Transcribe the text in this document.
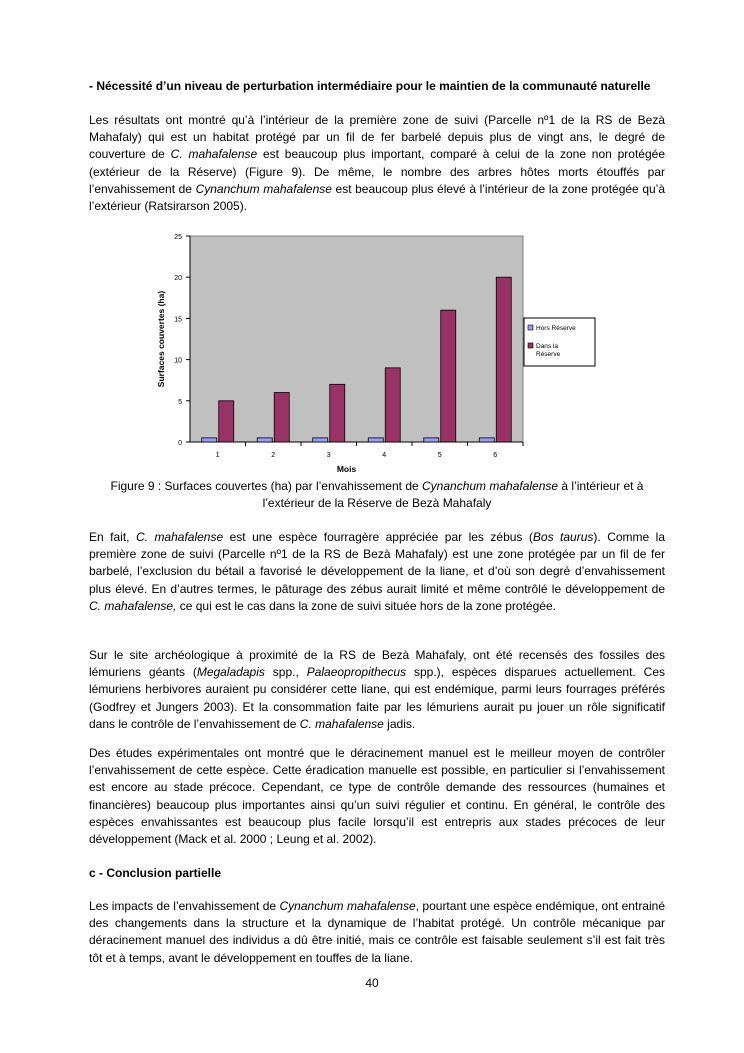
- Nécessité d’un niveau de perturbation intermédiaire pour le maintien de la communauté naturelle

Les résultats ont montré qu’à l’intérieur de la première zone de suivi (Parcelle nº1 de la RS de Bezà Mahafaly) qui est un habitat protégé par un fil de fer barbelé depuis plus de vingt ans, le degré de couverture de C. mahafalense est beaucoup plus important, comparé à celui de la zone non protégée (extérieur de la Réserve) (Figure 9). De même, le nombre des arbres hôtes morts étouffés par l’envahissement de Cynanchum mahafalense est beaucoup plus élevé à l’intérieur de la zone protégée qu’à l’extérieur (Ratsirarson 2005).

0
5
10
15
20
25
1	2	3	4	5	6
Mois
Surfaces couvertes (ha)	Hors Réserve
Dans la
Réserve

Figure 9 : Surfaces couvertes (ha) par l’envahissement de Cynanchum mahafalense à l’intérieur et à l’extérieur de la Réserve de Bezà Mahafaly

En fait, C. mahafalense est une espèce fourragère appréciée par les zébus (Bos taurus). Comme la première zone de suivi (Parcelle nº1 de la RS de Bezà Mahafaly) est une zone protégée par un fil de fer barbelé, l’exclusion du bétail a favorisé le développement de la liane, et d’où son degré d’envahissement plus élevé. En d’autres termes, le pâturage des zébus aurait limité et même contrôlé le développement de C. mahafalense, ce qui est le cas dans la zone de suivi située hors de la zone protégée.

Sur le site archéologique à proximité de la RS de Bezà Mahafaly, ont été recensés des fossiles des lémuriens géants (Megaladapis spp., Palaeopropithecus spp.), espèces disparues actuellement. Ces lémuriens herbivores auraient pu considérer cette liane, qui est endémique, parmi leurs fourrages préférés (Godfrey et Jungers 2003). Et la consommation faite par les lémuriens aurait pu jouer un rôle significatif dans le contrôle de l’envahissement de C. mahafalense jadis.

Des études expérimentales ont montré que le déracinement manuel est le meilleur moyen de contrôler l’envahissement de cette espèce. Cette éradication manuelle est possible, en particulier si l’envahissement est encore au stade précoce. Cependant, ce type de contrôle demande des ressources (humaines et financières) beaucoup plus importantes ainsi qu’un suivi régulier et continu. En général, le contrôle des espèces envahissantes est beaucoup plus facile lorsqu’il est entrepris aux stades précoces de leur développement (Mack et al. 2000 ; Leung et al. 2002).

c - Conclusion partielle

Les impacts de l’envahissement de Cynanchum mahafalense, pourtant une espèce endémique, ont entrainé des changements dans la structure et la dynamique de l’habitat protégé. Un contrôle mécanique par déracinement manuel des individus a dû être initié, mais ce contrôle est faisable seulement s’il est fait très tôt et à temps, avant le développement en touffes de la liane.

40
